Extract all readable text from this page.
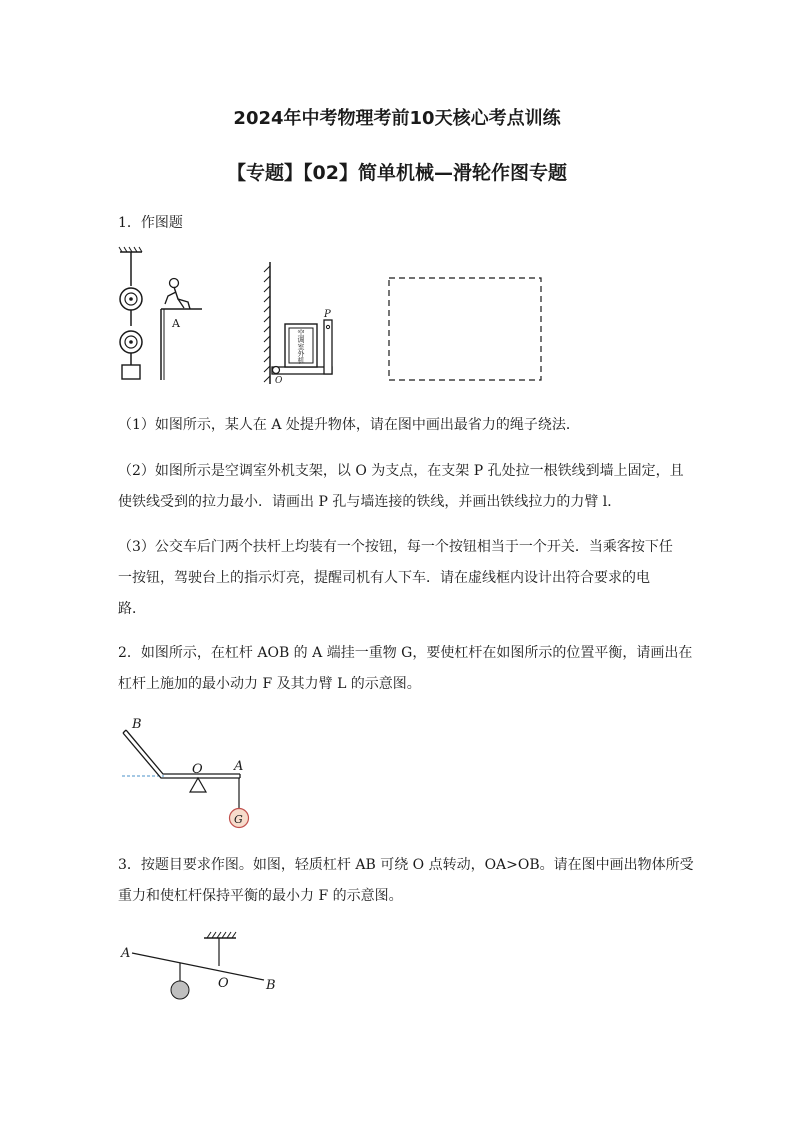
2024年中考物理考前10天核心考点训练
【专题】【02】简单机械—滑轮作图专题

1．作图题

A
空
调
室
外
机
P
O

（1）如图所示，某人在 A 处提升物体，请在图中画出最省力的绳子绕法．

（2）如图所示是空调室外机支架，以 O 为支点，在支架 P 孔处拉一根铁线到墙上固定，且
使铁线受到的拉力最小．请画出 P 孔与墙连接的铁线，并画出铁线拉力的力臂 l．

（3）公交车后门两个扶杆上均装有一个按钮，每一个按钮相当于一个开关．当乘客按下任
一按钮，驾驶台上的指示灯亮，提醒司机有人下车．请在虚线框内设计出符合要求的电
路．

2．如图所示，在杠杆 AOB 的 A 端挂一重物 G，要使杠杆在如图所示的位置平衡，请画出在
杠杆上施加的最小动力 F 及其力臂 L 的示意图。

B
O A
G

3．按题目要求作图。如图，轻质杠杆 AB 可绕 O 点转动，OA>OB。请在图中画出物体所受
重力和使杠杆保持平衡的最小力 F 的示意图。

A
O	B
